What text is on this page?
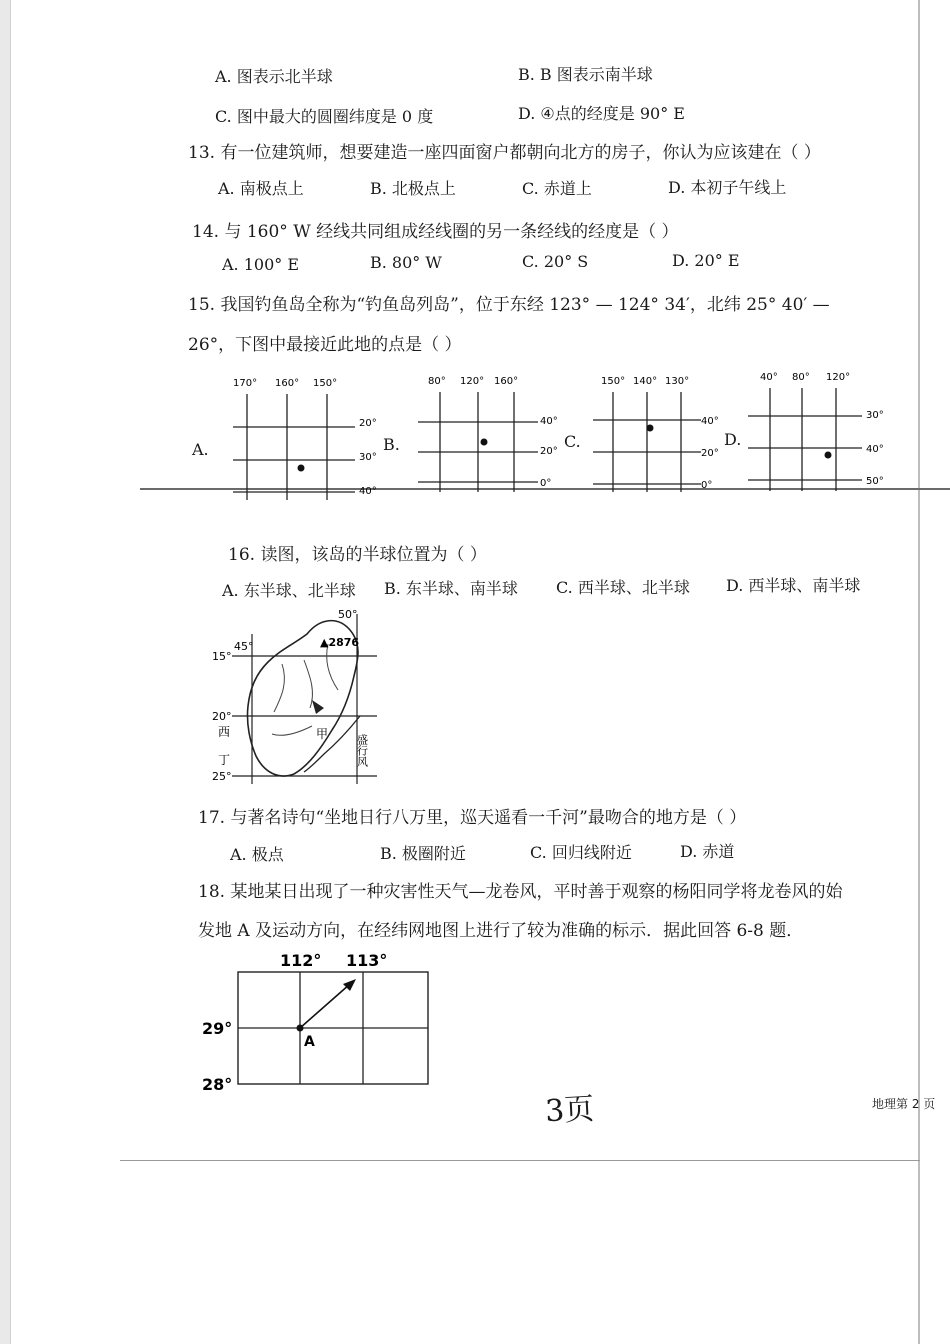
A. 图表示北半球	B. B 图表示南半球
C. 图中最大的圆圈纬度是 0 度	D. ④点的经度是 90° E
13. 有一位建筑师，想要建造一座四面窗户都朝向北方的房子，你认为应该建在（ ）
A. 南极点上	B. 北极点上	C. 赤道上	D. 本初子午线上
14. 与 160° W 经线共同组成经线圈的另一条经线的经度是（ ）
A. 100° E	B. 80° W	C. 20° S	D. 20° E
15. 我国钓鱼岛全称为“钓鱼岛列岛”，位于东经 123° — 124° 34′，北纬 25° 40′ —
26°，下图中最接近此地的点是（ ）
A.	B.	C.	D.
170° 160° 150°
20°
30°
40°
80° 120° 160°
40°
20°
0°
150° 140° 130°
40°
20°
0°
40° 80° 120°
30°
40°
50°
16. 读图，该岛的半球位置为（ ）
A. 东半球、北半球 B. 东半球、南半球 C. 西半球、北半球 D. 西半球、南半球
45°
50°
15°
20°
25°
▲2876
甲
西
丁	盛行风
17. 与著名诗句“坐地日行八万里，巡天遥看一千河”最吻合的地方是（ ）
A. 极点	B. 极圈附近	C. 回归线附近	D. 赤道
18. 某地某日出现了一种灾害性天气—龙卷风，平时善于观察的杨阳同学将龙卷风的始
发地 A 及运动方向，在经纬网地图上进行了较为准确的标示．据此回答 6-8 题．
112° 113°
29°
28°
A
3页	地理第 2 页
